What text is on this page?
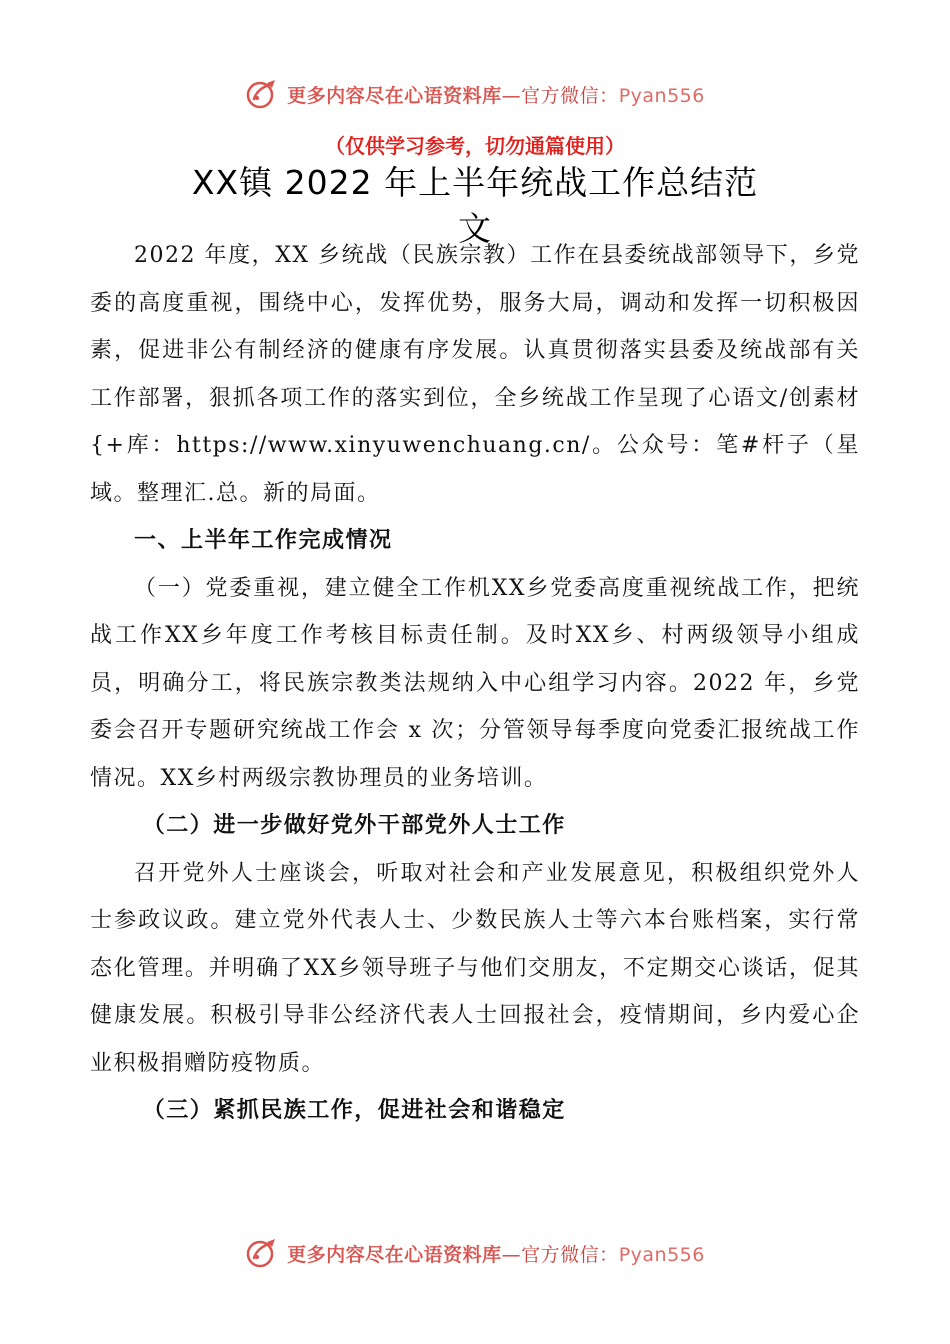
更多内容尽在心语资料库—官方微信：Pyan556
（仅供学习参考，切勿通篇使用）
XX镇 2022 年上半年统战工作总结范
文

2022 年度，XX 乡统战（民族宗教）工作在县委统战部领导下，乡党委的高度重视，围绕中心，发挥优势，服务大局，调动和发挥一切积极因素，促进非公有制经济的健康有序发展。认真贯彻落实县委及统战部有关工作部署，狠抓各项工作的落实到位，全乡统战工作呈现了心语文/创素材{+库：https://www.xinyuwenchuang.cn/。公众号：笔#杆子（星域。整理汇.总。新的局面。

一、上半年工作完成情况

（一）党委重视，建立健全工作机XX乡党委高度重视统战工作，把统战工作XX乡年度工作考核目标责任制。及时XX乡、村两级领导小组成员，明确分工，将民族宗教类法规纳入中心组学习内容。2022 年，乡党委会召开专题研究统战工作会 x 次；分管领导每季度向党委汇报统战工作情况。XX乡村两级宗教协理员的业务培训。

（二）进一步做好党外干部党外人士工作

召开党外人士座谈会，听取对社会和产业发展意见，积极组织党外人士参政议政。建立党外代表人士、少数民族人士等六本台账档案，实行常态化管理。并明确了XX乡领导班子与他们交朋友，不定期交心谈话，促其健康发展。积极引导非公经济代表人士回报社会，疫情期间，乡内爱心企业积极捐赠防疫物质。

（三）紧抓民族工作，促进社会和谐稳定
更多内容尽在心语资料库—官方微信：Pyan556
